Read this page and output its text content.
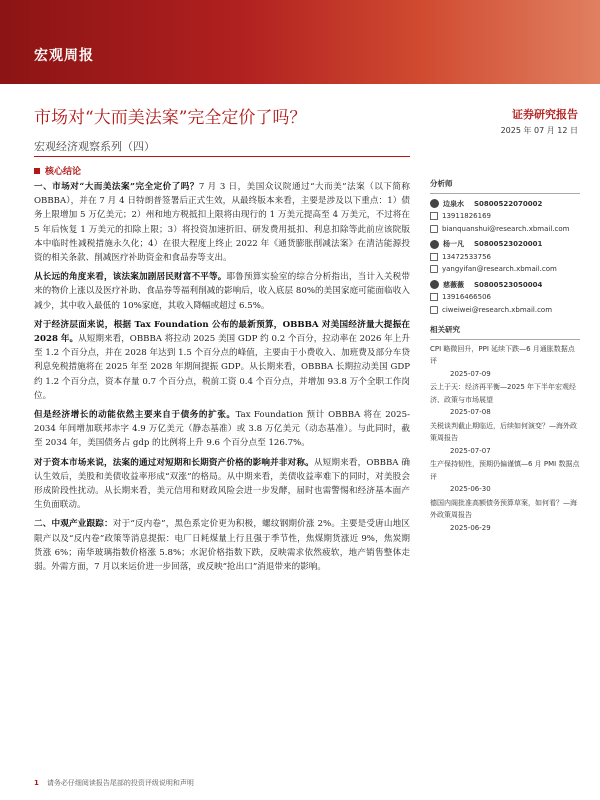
宏观周报
证券研究报告
2025 年 07 月 12 日
市场对“大而美法案”完全定价了吗？
宏观经济观察系列（四）
核心结论

一、市场对“大而美法案”完全定价了吗？7 月 3 日，美国众议院通过“大而美”法案（以下简称 OBBBA），并在 7 月 4 日特朗普签署后正式生效，从最终版本来看，主要是涉及以下重点：1）债务上限增加 5 万亿美元；2）州和地方税抵扣上限将由现行的 1 万美元提高至 4 万美元，不过将在 5 年后恢复 1 万美元的扣除上限；3）将投资加速折旧、研发费用抵扣、利息扣除等此前应该院版本中临时性减税措施永久化；4）在很大程度上终止 2022 年《通货膨胀削减法案》在清洁能源投资的相关条款、削减医疗补助资金和食品券等支出。

从长远的角度来看，该法案加剧居民财富不平等。耶鲁预算实验室的综合分析指出，当计入关税带来的物价上涨以及医疗补助、食品券等福利削减的影响后，收入底层 80%的美国家庭可能面临收入减少，其中收入最低的 10%家庭，其收入降幅或超过 6.5%。

对于经济层面来说，根据 Tax Foundation 公布的最新预算，OBBBA 对美国经济量大提振在 2028 年。从短期来看，OBBBA 将拉动 2025 美国 GDP 约 0.2 个百分，拉动率在 2026 年上升至 1.2 个百分点，并在 2028 年达到 1.5 个百分点的峰值，主要由于小费收入、加班费及部分车贷利息免税措施将在 2025 年至 2028 年期间提振 GDP。从长期来看，OBBBA 长期拉动美国 GDP 约 1.2 个百分点，资本存量 0.7 个百分点，税前工资 0.4 个百分点，并增加 93.8 万个全职工作岗位。

但是经济增长的动能依然主要来自于债务的扩张。Tax Foundation 预计 OBBBA 将在 2025-2034 年间增加联邦赤字 4.9 万亿美元（静态基准）或 3.8 万亿美元（动态基准）。与此同时，截至 2034 年，美国债务占 gdp 的比例将上升 9.6 个百分点至 126.7%。

对于资本市场来说，法案的通过对短期和长期资产价格的影响并非对称。从短期来看，OBBBA 确认生效后，美股和美债收益率形成“双涨”的格局。从中期来看，美债收益率难下的同时，对美股会形成阶段性扰动。从长期来看，美元信用和财政风险会进一步发酵，届时也需警惕和经济基本面产生负面联动。

二、中观产业跟踪：对于“反内卷”，黑色系定价更为积极，螺纹钢期价涨 2%。主要是受唐山地区限产以及“反内卷”政策等消息提振：电厂日耗煤量上行且强于季节性，焦煤期货涨近 9%，焦炭期货涨 6%；南华玻璃指数价格涨 5.8%；水泥价格指数下跌，反映需求依然疲软，地产销售整体走弱。外需方面，7 月以来运价进一步回落，或反映“抢出口”消退带来的影响。

分析师
边泉水 S0800522070002
13911826169
bianquanshui@research.xbmail.com
杨一凡 S0800523020001
13472533756
yangyifan@research.xbmail.com
慈薇薇 S0800523050004
13916466506
ciweiwei@research.xbmail.com
相关研究
CPI 略微回升，PPI 延续下跌—6 月通胀数据点评
2025-07-09
云上于天：经济再平衡—2025 年下半年宏观经济、政策与市场展望
2025-07-08
关税谈判截止期临近，后续如何演变？—海外政策周报告
2025-07-07
生产保持韧性，预期仍偏谨慎—6 月 PMI 数据点评
2025-06-30
德国内阁批准高额债务预算草案，如何看？—海外政策周报告
2025-06-29
1 请务必仔细阅读报告尾部的投资评级说明和声明
